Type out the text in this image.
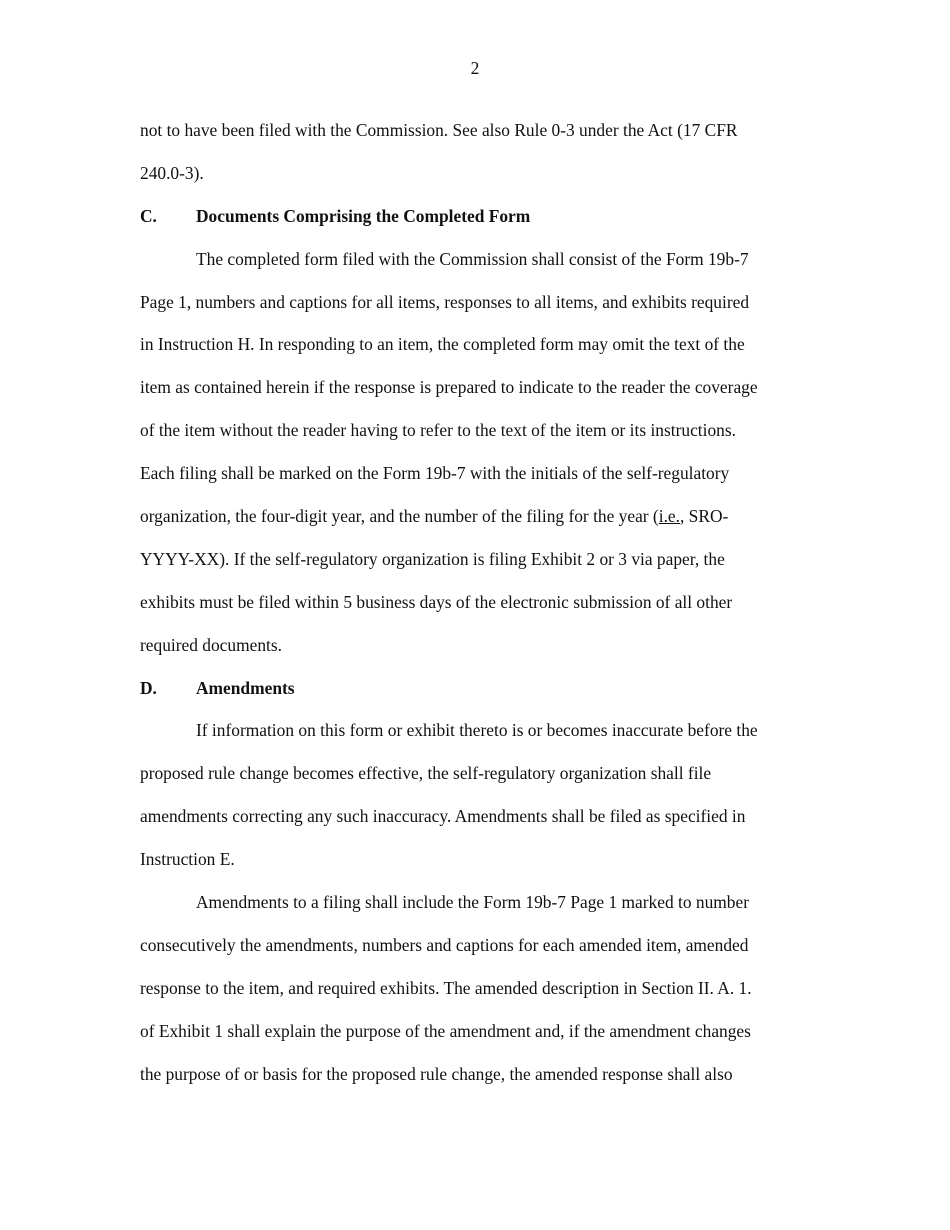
2
not to have been filed with the Commission. See also Rule 0-3 under the Act (17 CFR
240.0-3).
C. Documents Comprising the Completed Form
The completed form filed with the Commission shall consist of the Form 19b-7
Page 1, numbers and captions for all items, responses to all items, and exhibits required
in Instruction H. In responding to an item, the completed form may omit the text of the
item as contained herein if the response is prepared to indicate to the reader the coverage
of the item without the reader having to refer to the text of the item or its instructions.
Each filing shall be marked on the Form 19b-7 with the initials of the self-regulatory
organization, the four-digit year, and the number of the filing for the year (i.e., SRO-
YYYY-XX). If the self-regulatory organization is filing Exhibit 2 or 3 via paper, the
exhibits must be filed within 5 business days of the electronic submission of all other
required documents.
D. Amendments
If information on this form or exhibit thereto is or becomes inaccurate before the
proposed rule change becomes effective, the self-regulatory organization shall file
amendments correcting any such inaccuracy. Amendments shall be filed as specified in
Instruction E.
Amendments to a filing shall include the Form 19b-7 Page 1 marked to number
consecutively the amendments, numbers and captions for each amended item, amended
response to the item, and required exhibits. The amended description in Section II. A. 1.
of Exhibit 1 shall explain the purpose of the amendment and, if the amendment changes
the purpose of or basis for the proposed rule change, the amended response shall also
